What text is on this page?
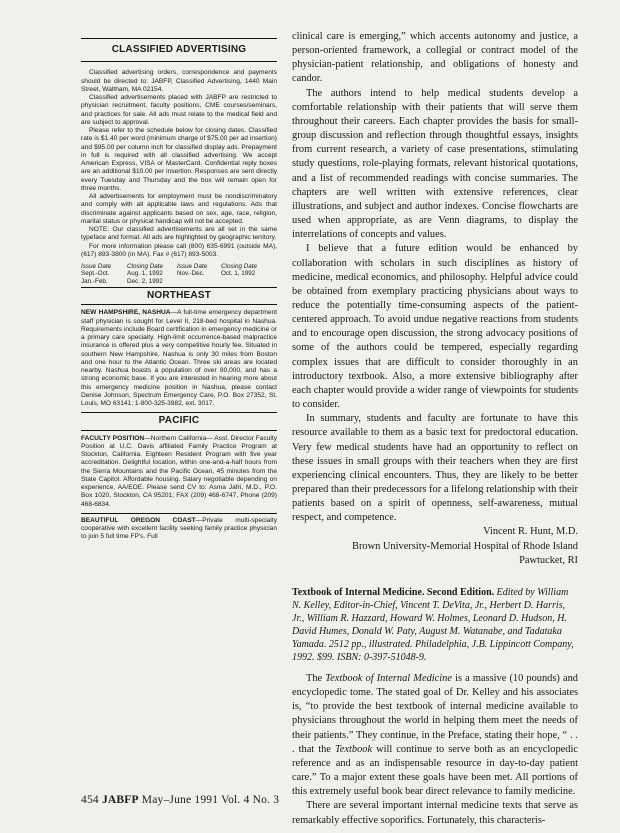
CLASSIFIED ADVERTISING

Classified advertising orders, correspondence and payments should be directed to: JABFP, Classified Advertising, 1440 Main Street, Waltham, MA 02154.

Classified advertisements placed with JABFP are restricted to physician recruitment, faculty positions, CME courses/seminars, and practices for sale. All ads must relate to the medical field and are subject to approval.

Please refer to the schedule below for closing dates. Classified rate is $1.40 per word (minimum charge of $75.00 per ad insertion) and $95.00 per column inch for classified display ads. Prepayment in full is required with all classified advertising. We accept American Express, VISA or MasterCard. Confidential reply boxes are an additional $10.00 per insertion. Responses are sent directly every Tuesday and Thursday and the box will remain open for three months.

All advertisements for employment must be nondiscriminatory and comply with all applicable laws and regulations. Ads that discriminate against applicants based on sex, age, race, religion, marital status or physical handicap will not be accepted.

NOTE: Our classified advertisements are all set in the same typeface and format. All ads are highlighted by geographic territory.

For more information please call (800) 635-6991 (outside MA), (617) 893-3800 (in MA). Fax # (617) 893-5003.

Issue Date	Closing Date	Issue Date	Closing Date
Sept.-Oct.	Aug. 1, 1992	Nov.-Dec.	Oct. 1, 1992
Jan.-Feb.	Dec. 2, 1992
NORTHEAST

NEW HAMPSHIRE, NASHUA—A full-time emergency department staff physician is sought for Level II, 218-bed hospital in Nashua. Requirements include Board certification in emergency medicine or a primary care specialty. High-limit occurrence-based malpractice insurance is offered plus a very competitive hourly fee. Situated in southern New Hampshire, Nashua is only 30 miles from Boston and one hour to the Atlantic Ocean. Three ski areas are located nearby. Nashua boasts a population of over 80,000, and has a strong economic base. If you are interested in hearing more about this emergency medicine position in Nashua, please contact Denise Johnson, Spectrum Emergency Care, P.O. Box 27352, St. Louis, MO 63141; 1-800-325-3982, ext. 3017.

PACIFIC

FACULTY POSITION—Northern California— Asst. Director Faculty Position at U.C. Davis affiliated Family Practice Program at Stockton, California. Eighteen Resident Program with five year accreditation. Delightful location, within one-and-a-half hours from the Sierra Mountains and the Pacific Ocean, 45 minutes from the State Capitol. Affordable housing. Salary negotiable depending on experience. AA/EOE. Please send CV to: Asma Jafri, M.D., P.O. Box 1020, Stockton, CA 95201; FAX (209) 468-6747, Phone (209) 468-6834.

BEAUTIFUL OREGON COAST—Private multi-specialty cooperative with excellent facility seeking family practice physician to join 5 full time FP's. Full

clinical care is emerging,” which accents autonomy and justice, a person-oriented framework, a collegial or contract model of the physician-patient relationship, and obligations of honesty and candor.

The authors intend to help medical students develop a comfortable relationship with their patients that will serve them throughout their careers. Each chapter provides the basis for small-group discussion and reflection through thoughtful essays, insights from current research, a variety of case presentations, stimulating study questions, role-playing formats, relevant historical quotations, and a list of recommended readings with concise summaries. The chapters are well written with extensive references, clear illustrations, and subject and author indexes. Concise flowcharts are used when appropriate, as are Venn diagrams, to display the interrelations of concepts and values.

I believe that a future edition would be enhanced by collaboration with scholars in such disciplines as history of medicine, medical economics, and philosophy. Helpful advice could be obtained from exemplary practicing physicians about ways to reduce the potentially time-consuming aspects of the patient-centered approach. To avoid undue negative reactions from students and to encourage open discussion, the strong advocacy positions of some of the authors could be tempered, especially regarding complex issues that are difficult to consider thoroughly in an introductory textbook. Also, a more extensive bibliography after each chapter would provide a wider range of viewpoints for students to consider.

In summary, students and faculty are fortunate to have this resource available to them as a basic text for predoctoral education. Very few medical students have had an opportunity to reflect on these issues in small groups with their teachers when they are first experiencing clinical encounters. Thus, they are likely to be better prepared than their predecessors for a lifelong relationship with their patients based on a spirit of openness, self-awareness, mutual respect, and competence.

Vincent R. Hunt, M.D.

Brown University-Memorial Hospital of Rhode Island

Pawtucket, RI

Textbook of Internal Medicine. Second Edition. Edited by William N. Kelley, Editor-in-Chief, Vincent T. DeVita, Jr., Herbert D. Harris, Jr., William R. Hazzard, Howard W. Holmes, Leonard D. Hudson, H. David Humes, Donald W. Paty, August M. Watanabe, and Tadataka Yamada. 2512 pp., illustrated. Philadelphia, J.B. Lippincott Company, 1992. $99. ISBN: 0-397-51048-9.

The Textbook of Internal Medicine is a massive (10 pounds) and encyclopedic tome. The stated goal of Dr. Kelley and his associates is, “to provide the best textbook of internal medicine available to physicians throughout the world in helping them meet the needs of their patients.” They continue, in the Preface, stating their hope, “ . . . that the Textbook will continue to serve both as an encyclopedic reference and as an indispensable resource in day-to-day patient care.” To a major extent these goals have been met. All portions of this extremely useful book bear direct relevance to family medicine.

There are several important internal medicine texts that serve as remarkably effective soporifics. Fortunately, this characteris-

454 JABFP May–June 1991 Vol. 4 No. 3
